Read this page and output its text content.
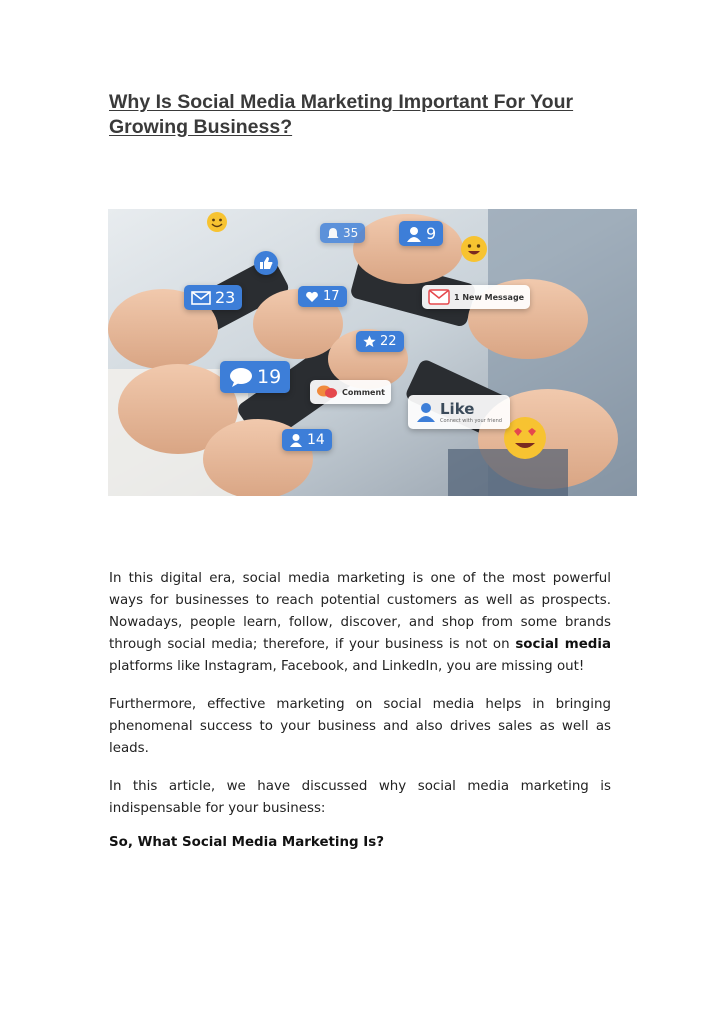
Why Is Social Media Marketing Important For Your Growing Business?
23	17
35	9
1 New Message
22
19
Comment
Like
Connect with your friend
14

In this digital era, social media marketing is one of the most powerful ways for businesses to reach potential customers as well as prospects. Nowadays, people learn, follow, discover, and shop from some brands through social media; therefore, if your business is not on social media platforms like Instagram, Facebook, and LinkedIn, you are missing out!

Furthermore, effective marketing on social media helps in bringing phenomenal success to your business and also drives sales as well as leads.

In this article, we have discussed why social media marketing is indispensable for your business:

So, What Social Media Marketing Is?
